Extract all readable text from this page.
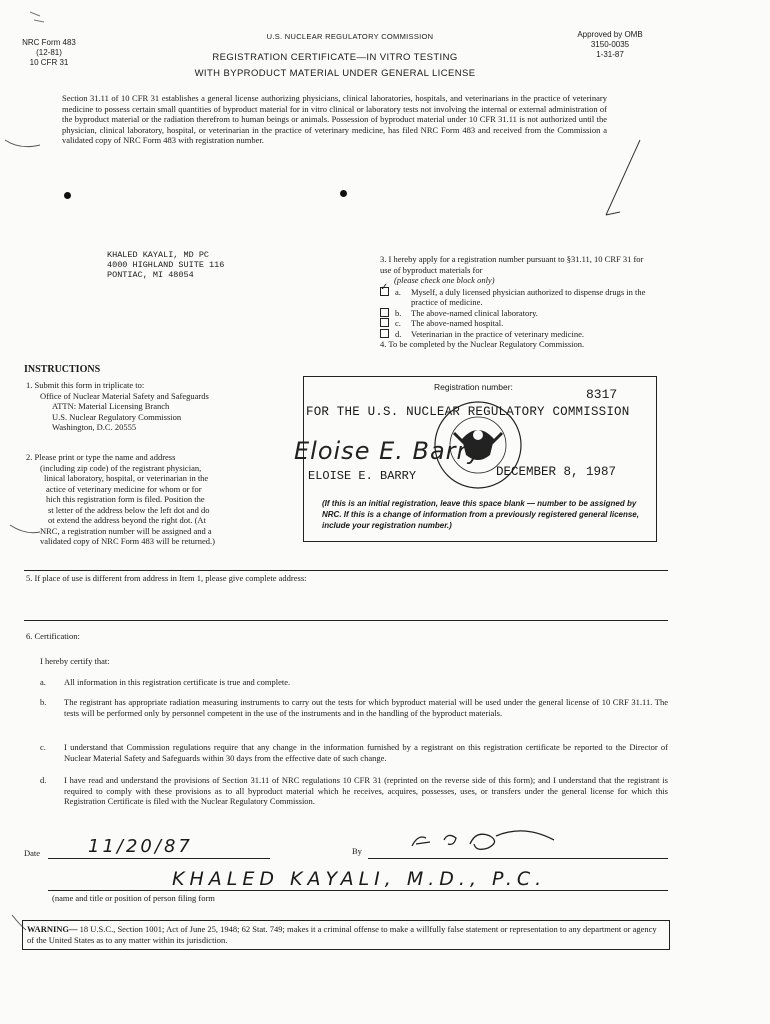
NRC Form 483

(12-81)

10 CFR 31

U.S. NUCLEAR REGULATORY COMMISSION

REGISTRATION CERTIFICATE—IN VITRO TESTING

WITH BYPRODUCT MATERIAL UNDER GENERAL LICENSE

Approved by OMB

3150-0035

1-31-87

Section 31.11 of 10 CFR 31 establishes a general license authorizing physicians, clinical laboratories, hospitals, and veterinarians in the practice of veterinary medicine to possess certain small quantities of byproduct material for in vitro clinical or laboratory tests not involving the internal or external administration of the byproduct material or the radiation therefrom to human beings or animals. Possession of byproduct material under 10 CFR 31.11 is not authorized until the physician, clinical laboratory, hospital, or veterinarian in the practice of veterinary medicine, has filed NRC Form 483 and received from the Commission a validated copy of NRC Form 483 with registration number.

KHALED KAYALI, MD PC

4000 HIGHLAND SUITE 116

PONTIAC, MI 48054

3. I hereby apply for a registration number pursuant to §31.11, 10 CRF 31 for use of byproduct materials for

(please check one block only)

✓ a.	Myself, a duly licensed physician authorized to dispense drugs in the practice of medicine.
b.	The above-named clinical laboratory.
c.	The above-named hospital.
d.	Veterinarian in the practice of veterinary medicine.

4. To be completed by the Nuclear Regulatory Commission.

INSTRUCTIONS

1. Submit this form in triplicate to:

Office of Nuclear Material Safety and Safeguards

ATTN: Material Licensing Branch

U.S. Nuclear Regulatory Commission

Washington, D.C. 20555

2. Please print or type the name and address

(including zip code) of the registrant physician,

linical laboratory, hospital, or veterinarian in the

actice of veterinary medicine for whom or for

hich this registration form is filed. Position the

st letter of the address below the left dot and do

ot extend the address beyond the right dot. (At

NRC, a registration number will be assigned and a

validated copy of NRC Form 483 will be returned.)

Registration number:	8317
FOR THE U.S. NUCLEAR REGULATORY COMMISSION
Eloise E. Barry
ELOISE E. BARRY	DECEMBER 8, 1987
(If this is an initial registration, leave this space blank — number to be assigned by NRC. If this is a change of information from a previously registered general license, include your registration number.)
5. If place of use is different from address in Item 1, please give complete address:
6. Certification:
I hereby certify that:
a.	All information in this registration certificate is true and complete.
b.	The registrant has appropriate radiation measuring instruments to carry out the tests for which byproduct material will be used under the general license of 10 CRF 31.11. The tests will be performed only by personnel competent in the use of the instruments and in the handling of the byproduct materials.
c.	I understand that Commission regulations require that any change in the information furnished by a registrant on this registration certificate be reported to the Director of Nuclear Material Safety and Safeguards within 30 days from the effective date of such change.
d.	I have read and understand the provisions of Section 31.11 of NRC regulations 10 CFR 31 (reprinted on the reverse side of this form); and I understand that the registrant is required to comply with these provisions as to all byproduct material which he receives, acquires, possesses, uses, or transfers under the general license for which this Registration Certificate is filed with the Nuclear Regulatory Commission.
Date	11/20/87	By
KHALED KAYALI, M.D., P.C.
(name and title or position of person filing form
WARNING— 18 U.S.C., Section 1001; Act of June 25, 1948; 62 Stat. 749; makes it a criminal offense to make a willfully false statement or representation to any department or agency of the United States as to any matter within its jurisdiction.
